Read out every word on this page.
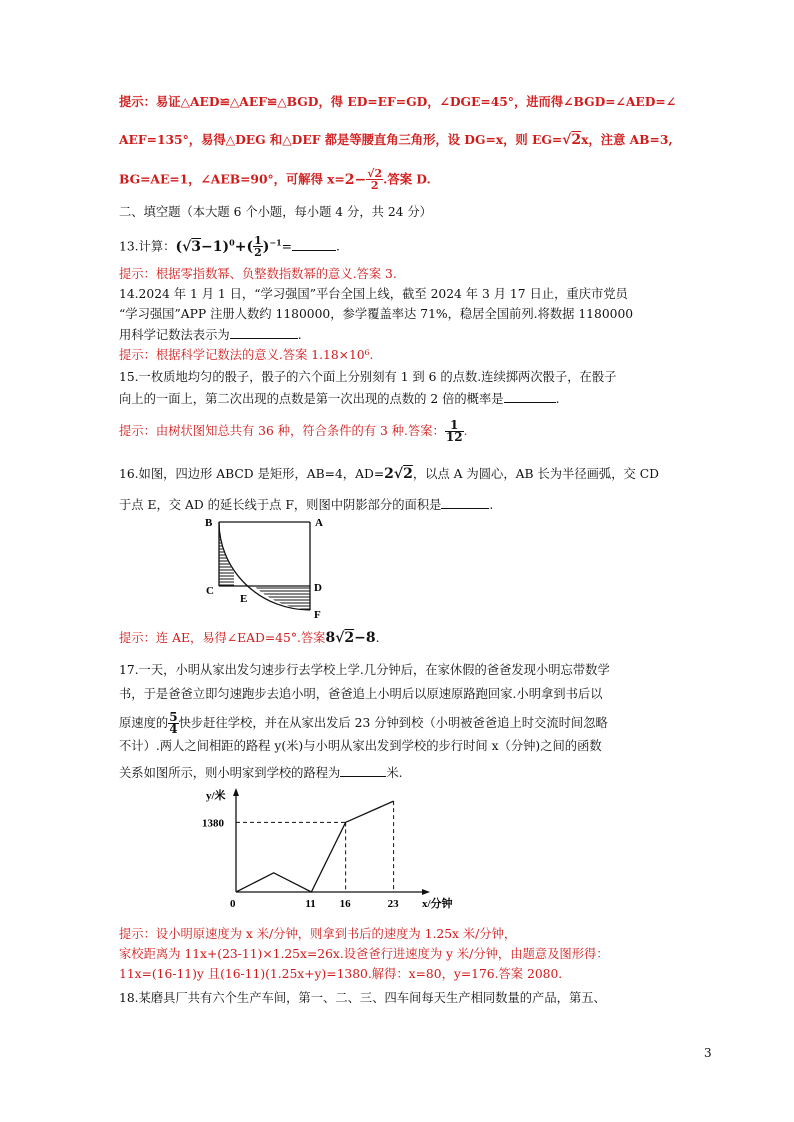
提示：易证△AED≌△AEF≌△BGD，得 ED=EF=GD，∠DGE=45°，进而得∠BGD=∠AED=∠
AEF=135°，易得△DEG 和△DEF 都是等腰直角三角形，设 DG=x，则 EG=√2x，注意 AB=3,
BG=AE=1，∠AEB=90°，可解得 $x=2- \frac{√2}{2}$ .答案 D.
二、填空题（本大题 6 个小题，每小题 4 分，共 24 分）
13.计算：$(√3-1)^0+( \frac{1}{2} )^{-1}=$	.
提示：根据零指数幂、负整数指数幂的意义.答案 3.
14.2024 年 1 月 1 日，“学习强国”平台全国上线，截至 2024 年 3 月 17 日止，重庆市党员
“学习强国”APP 注册人数约 1180000，参学覆盖率达 71%，稳居全国前列.将数据 1180000
用科学记数法表示为	.
提示：根据科学记数法的意义.答案 1.18×10⁶.
15.一枚质地均匀的骰子，骰子的六个面上分别刻有 1 到 6 的点数.连续掷两次骰子，在骰子
向上的一面上，第二次出现的点数是第一次出现的点数的 2 倍的概率是	.
提示：由树状图知总共有 36 种，符合条件的有 3 种.答案： $\frac{1}{12}$ .
16.如图，四边形 ABCD 是矩形，AB=4，AD=2√2，以点 A 为圆心，AB 长为半径画弧，交 CD
于点 E，交 AD 的延长线于点 F，则图中阴影部分的面积是	.
B	A
C	D
E
F
提示：连 AE，易得∠EAD=45°.答案8√2−8.
17.一天，小明从家出发匀速步行去学校上学.几分钟后，在家休假的爸爸发现小明忘带数学
书，于是爸爸立即匀速跑步去追小明，爸爸追上小明后以原速原路跑回家.小明拿到书后以
原速度的 $\frac{5}{4}$ 快步赶往学校，并在从家出发后 23 分钟到校（小明被爸爸追上时交流时间忽略
不计）.两人之间相距的路程 y(米)与小明从家出发到学校的步行时间 x（分钟)之间的函数
关系如图所示，则小明家到学校的路程为	米.
y/米
x/分钟
0	11 16	23
1380
提示：设小明原速度为 x 米/分钟，则拿到书后的速度为 1.25x 米/分钟，
家校距离为 11x+(23-11)×1.25x=26x.设爸爸行进速度为 y 米/分钟，由题意及图形得：
11x=(16-11)y 且(16-11)(1.25x+y)=1380.解得：x=80，y=176.答案 2080.
18.某磨具厂共有六个生产车间，第一、二、三、四车间每天生产相同数量的产品，第五、
3
